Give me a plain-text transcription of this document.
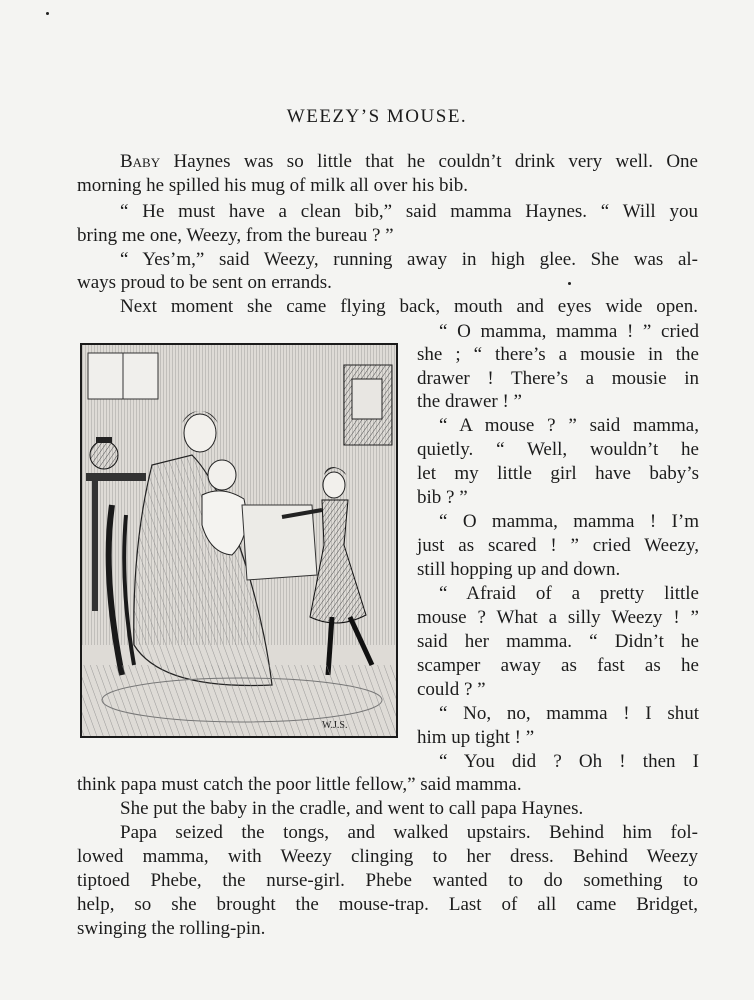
WEEZY’S MOUSE.
Baby Haynes was so little that he couldn’t drink very well. One
morning he spilled his mug of milk all over his bib.
“ He must have a clean bib,” said mamma Haynes. “ Will you
bring me one, Weezy, from the bureau ? ”
“ Yes’m,” said Weezy, running away in high glee. She was al-
ways proud to be sent on errands.
Next moment she came flying back, mouth and eyes wide open.
“ O mamma, mamma ! ” cried
she ; “ there’s a mousie in the
drawer ! There’s a mousie in
the drawer ! ”
“ A mouse ? ” said mamma,
quietly. “ Well, wouldn’t he
let my little girl have baby’s
bib ? ”
“ O mamma, mamma ! I’m
just as scared ! ” cried Weezy,
still hopping up and down.
“ Afraid of a pretty little
mouse ? What a silly Weezy ! ”
said her mamma. “ Didn’t he
scamper away as fast as he
could ? ”
“ No, no, mamma ! I shut
him up tight ! ”
“ You did ? Oh ! then I
think papa must catch the poor little fellow,” said mamma.
She put the baby in the cradle, and went to call papa Haynes.
Papa seized the tongs, and walked upstairs. Behind him fol-
lowed mamma, with Weezy clinging to her dress. Behind Weezy
tiptoed Phebe, the nurse-girl. Phebe wanted to do something to
help, so she brought the mouse-trap. Last of all came Bridget,
swinging the rolling-pin.
W.J.S.
